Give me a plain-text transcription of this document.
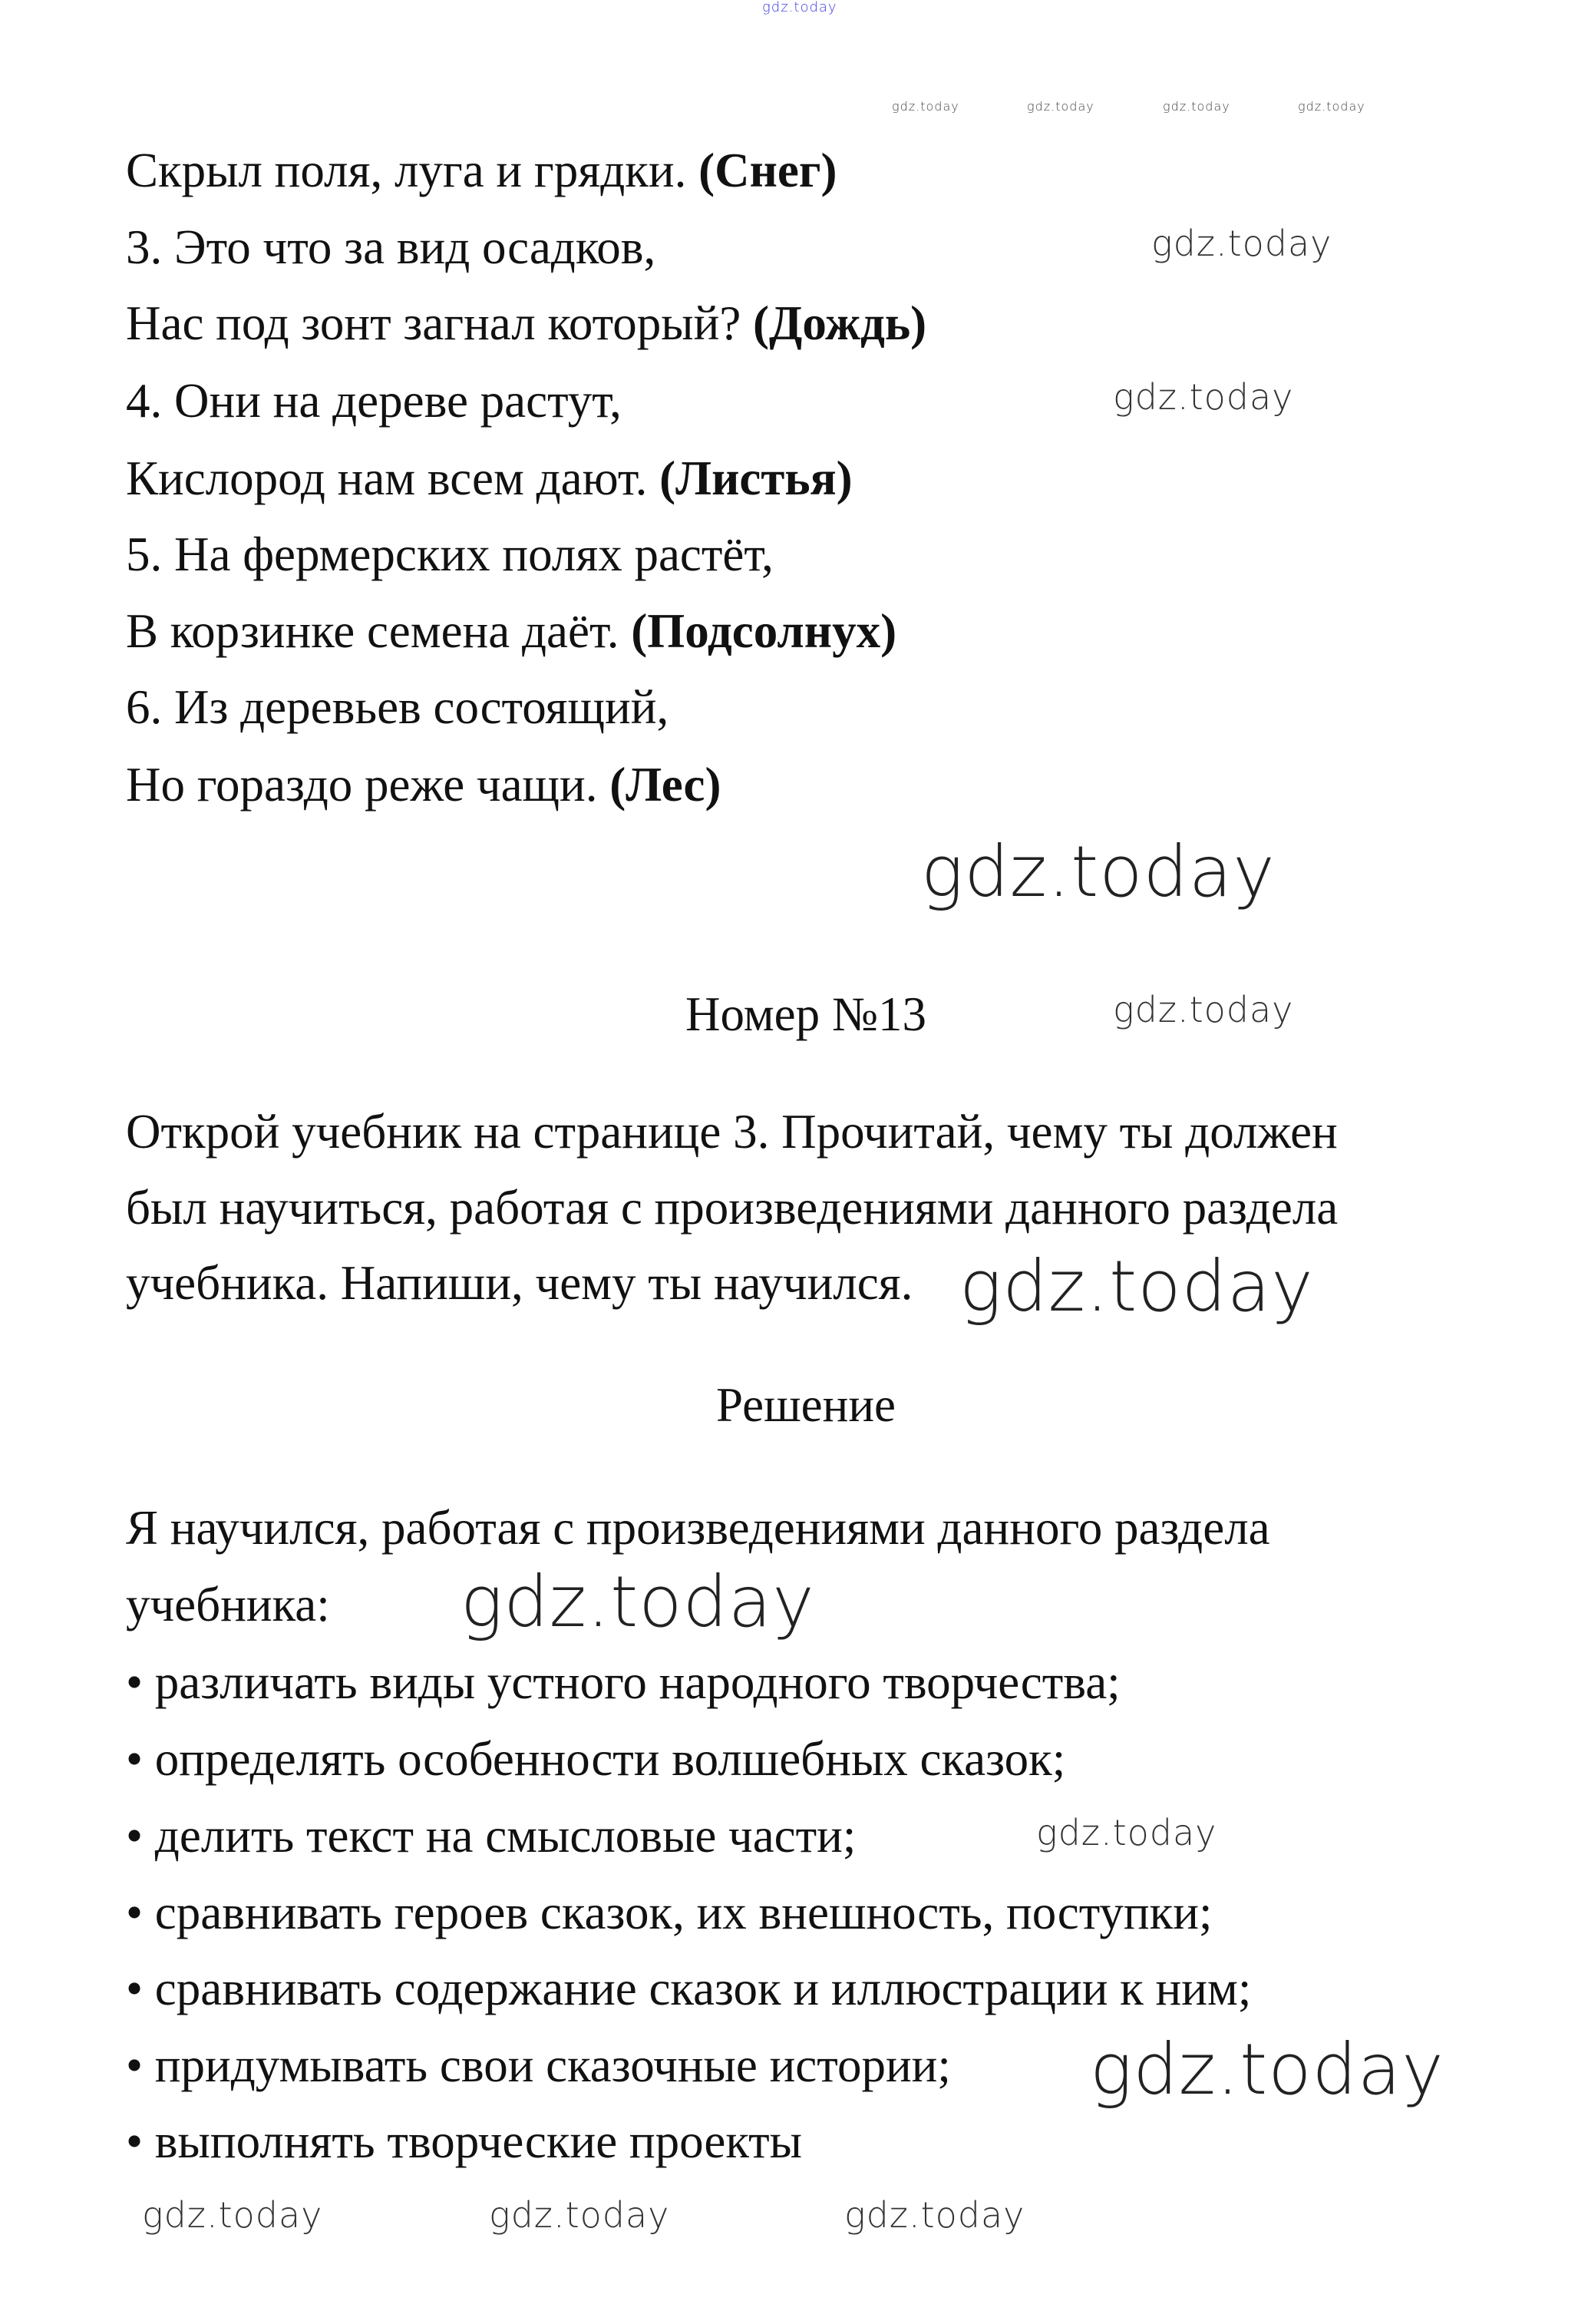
gdz.today
Скрыл поля, луга и грядки. (Снег)
3. Это что за вид осадков,
Нас под зонт загнал который? (Дождь)
4. Они на дереве растут,
Кислород нам всем дают. (Листья)
5. На фермерских полях растёт,
В корзинке семена даёт. (Подсолнух)
6. Из деревьев состоящий,
Но гораздо реже чащи. (Лес)
Номер №13
Открой учебник на странице 3. Прочитай, чему ты должен
был научиться, работая с произведениями данного раздела
учебника. Напиши, чему ты научился.
Решение
Я научился, работая с произведениями данного раздела
учебника:
• различать виды устного народного творчества;
• определять особенности волшебных сказок;
• делить текст на смысловые части;
• сравнивать героев сказок, их внешность, поступки;
• сравнивать содержание сказок и иллюстрации к ним;
• придумывать свои сказочные истории;
• выполнять творческие проекты
gdz.today	gdz.today	gdz.today	gdz.today
gdz.today
gdz.today
gdz.today
gdz.today
gdz.today
gdz.today
gdz.today
gdz.today
gdz.today
gdz.today	gdz.today
